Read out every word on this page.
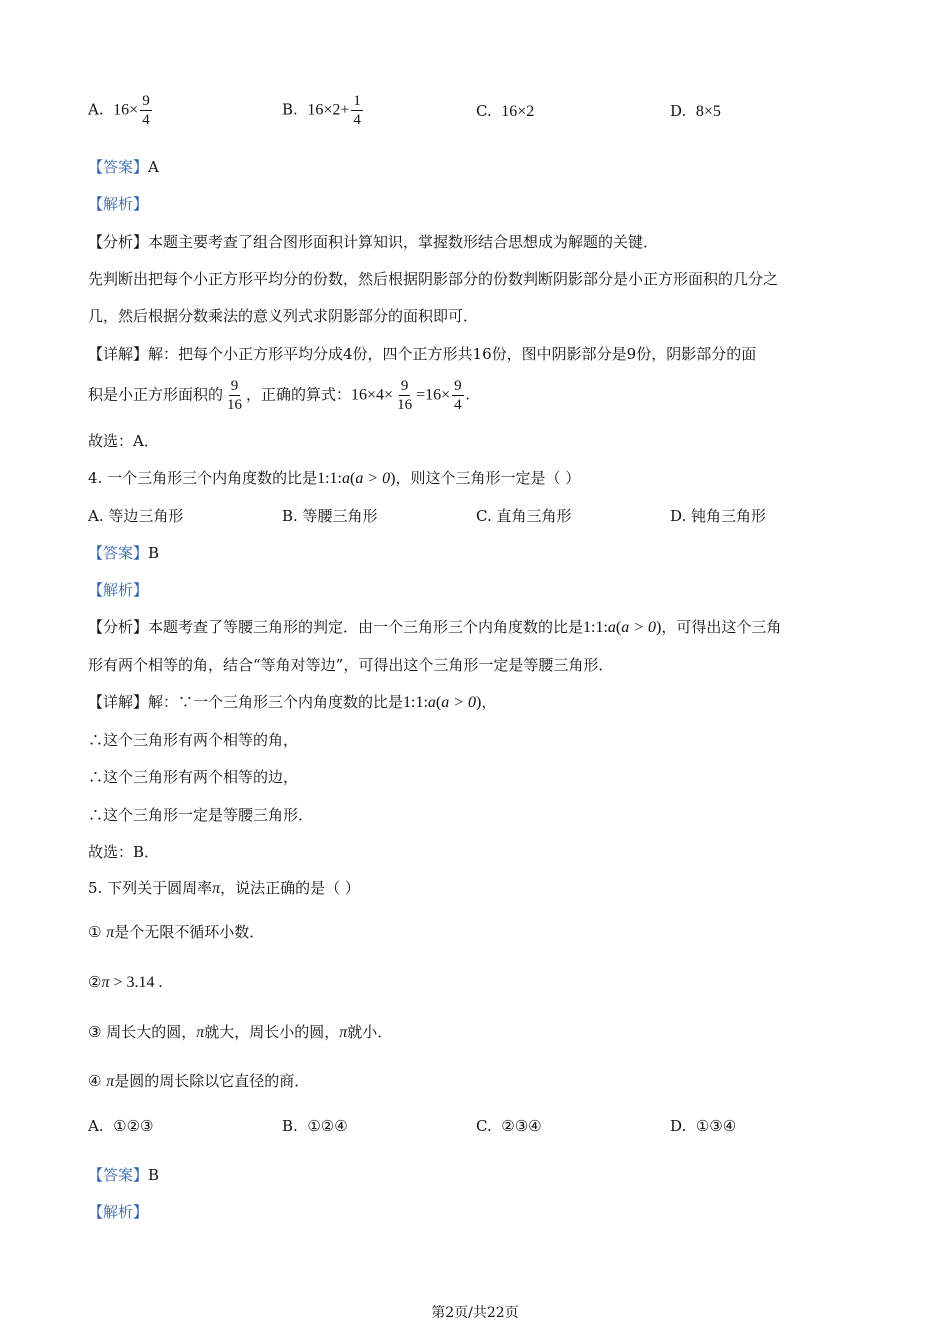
A. $16\times \frac{9}{4}$	B. $16\times 2+ \frac{1}{4}$	C. 16×2	D. 8×5
【答案】A
【解析】
【分析】本题主要考查了组合图形面积计算知识，掌握数形结合思想成为解题的关键．
先判断出把每个小正方形平均分的份数，然后根据阴影部分的份数判断阴影部分是小正方形面积的几分之
几，然后根据分数乘法的意义列式求阴影部分的面积即可．
【详解】解：把每个小正方形平均分成4份，四个正方形共16份，图中阴影部分是9份，阴影部分的面
积是小正方形面积的 $\frac{9}{16}$ ，正确的算式：$16\times 4\times \frac{9}{16} =16\times \frac{9}{4}$ .
故选：A．
4. 一个三角形三个内角度数的比是1:1:a(a > 0)，则这个三角形一定是（ ）
A. 等边三角形	B. 等腰三角形	C. 直角三角形	D. 钝角三角形
【答案】B
【解析】
【分析】本题考查了等腰三角形的判定．由一个三角形三个内角度数的比是1:1:a(a > 0)，可得出这个三角
形有两个相等的角，结合“等角对等边”，可得出这个三角形一定是等腰三角形．
【详解】解：∵一个三角形三个内角度数的比是1:1:a(a > 0)，
∴这个三角形有两个相等的角，
∴这个三角形有两个相等的边，
∴这个三角形一定是等腰三角形．
故选：B．
5. 下列关于圆周率π，说法正确的是（ ）
① π是个无限不循环小数．
②π > 3.14 .
③ 周长大的圆，π就大，周长小的圆，π就小．
④ π是圆的周长除以它直径的商．
A. ①②③	B. ①②④	C. ②③④	D. ①③④
【答案】B
【解析】
第2页/共22页
